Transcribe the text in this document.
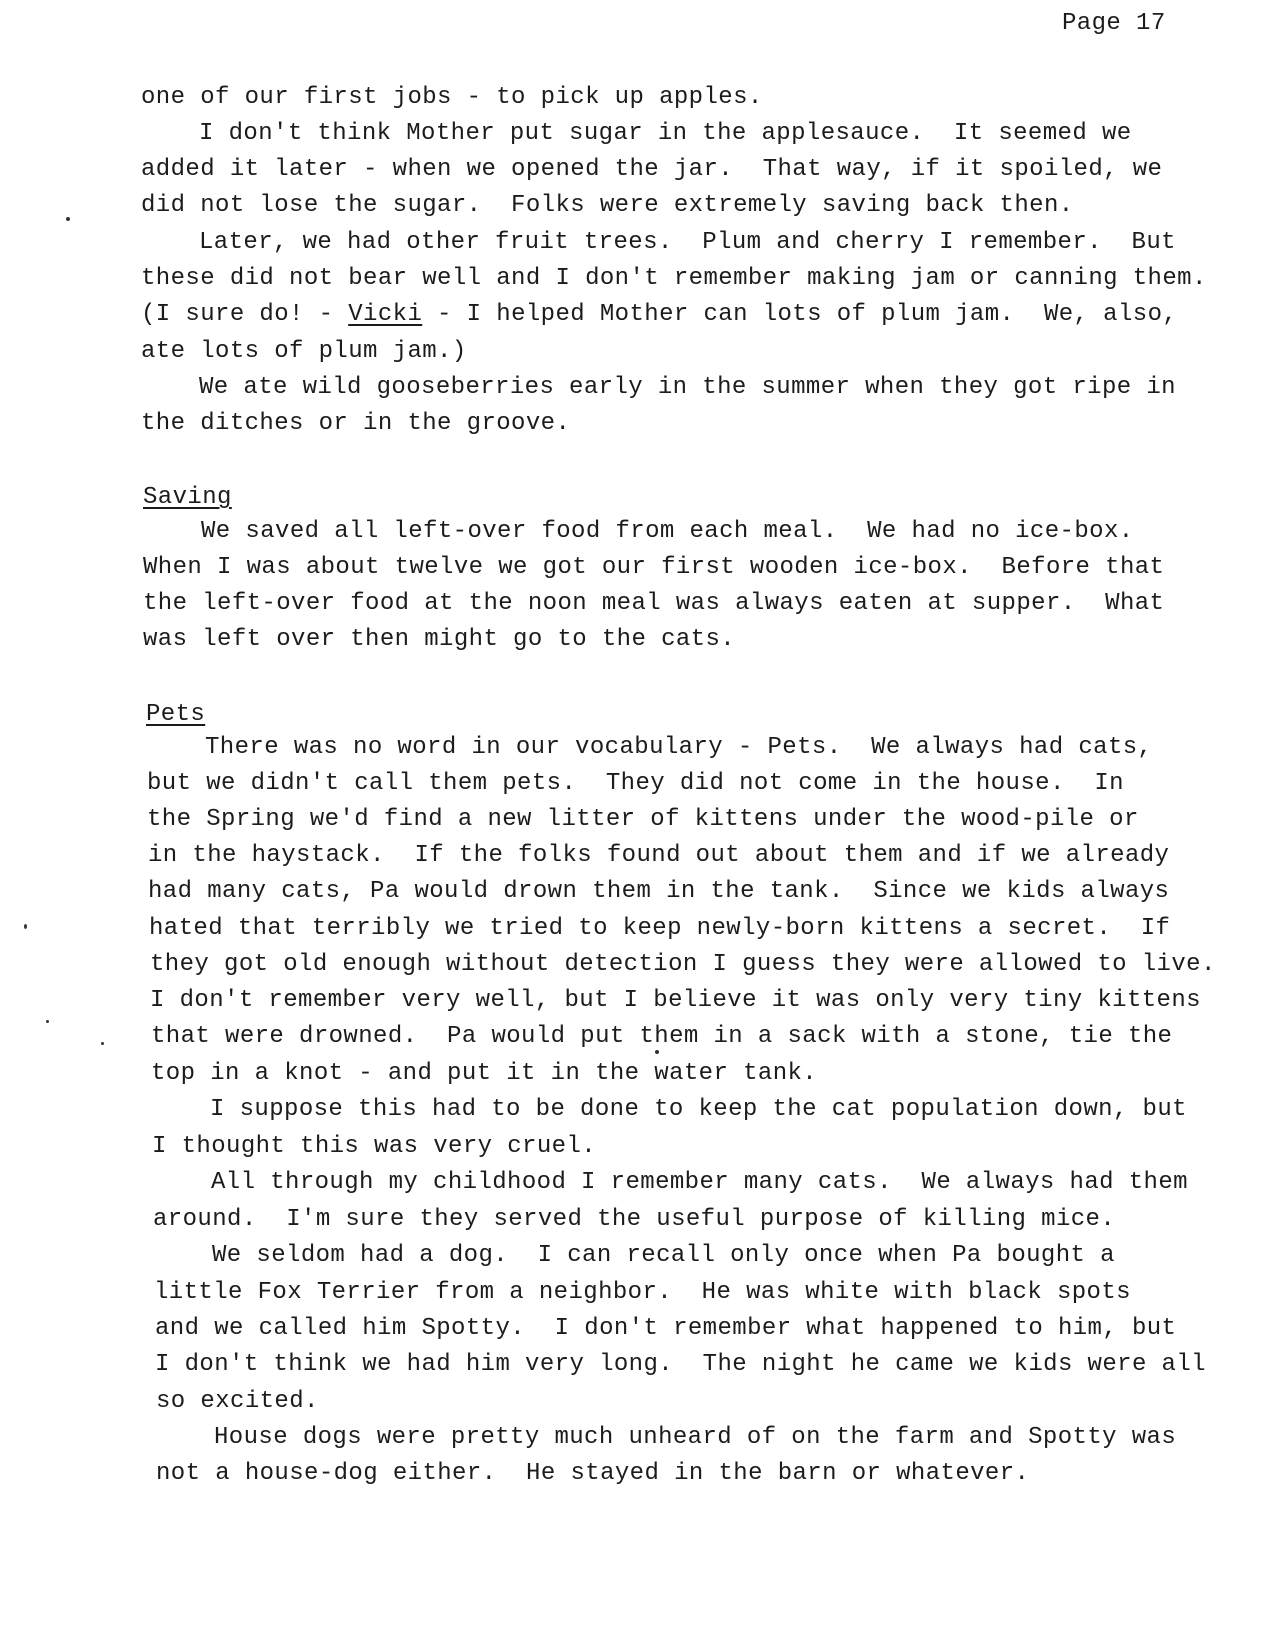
Page 17
one of our first jobs - to pick up apples.
I don't think Mother put sugar in the applesauce.  It seemed we
added it later - when we opened the jar.  That way, if it spoiled, we
did not lose the sugar.  Folks were extremely saving back then.
Later, we had other fruit trees.  Plum and cherry I remember.  But
these did not bear well and I don't remember making jam or canning them.
(I sure do! - Vicki - I helped Mother can lots of plum jam.  We, also,
ate lots of plum jam.)
We ate wild gooseberries early in the summer when they got ripe in
the ditches or in the groove.
Saving
We saved all left-over food from each meal.  We had no ice-box.
When I was about twelve we got our first wooden ice-box.  Before that
the left-over food at the noon meal was always eaten at supper.  What
was left over then might go to the cats.
Pets
There was no word in our vocabulary - Pets.  We always had cats,
but we didn't call them pets.  They did not come in the house.  In
the Spring we'd find a new litter of kittens under the wood-pile or
in the haystack.  If the folks found out about them and if we already
had many cats, Pa would drown them in the tank.  Since we kids always
hated that terribly we tried to keep newly-born kittens a secret.  If
they got old enough without detection I guess they were allowed to live.
I don't remember very well, but I believe it was only very tiny kittens
that were drowned.  Pa would put them in a sack with a stone, tie the
top in a knot - and put it in the water tank.
I suppose this had to be done to keep the cat population down, but
I thought this was very cruel.
All through my childhood I remember many cats.  We always had them
around.  I'm sure they served the useful purpose of killing mice.
We seldom had a dog.  I can recall only once when Pa bought a
little Fox Terrier from a neighbor.  He was white with black spots
and we called him Spotty.  I don't remember what happened to him, but
I don't think we had him very long.  The night he came we kids were all
so excited.
House dogs were pretty much unheard of on the farm and Spotty was
not a house-dog either.  He stayed in the barn or whatever.
